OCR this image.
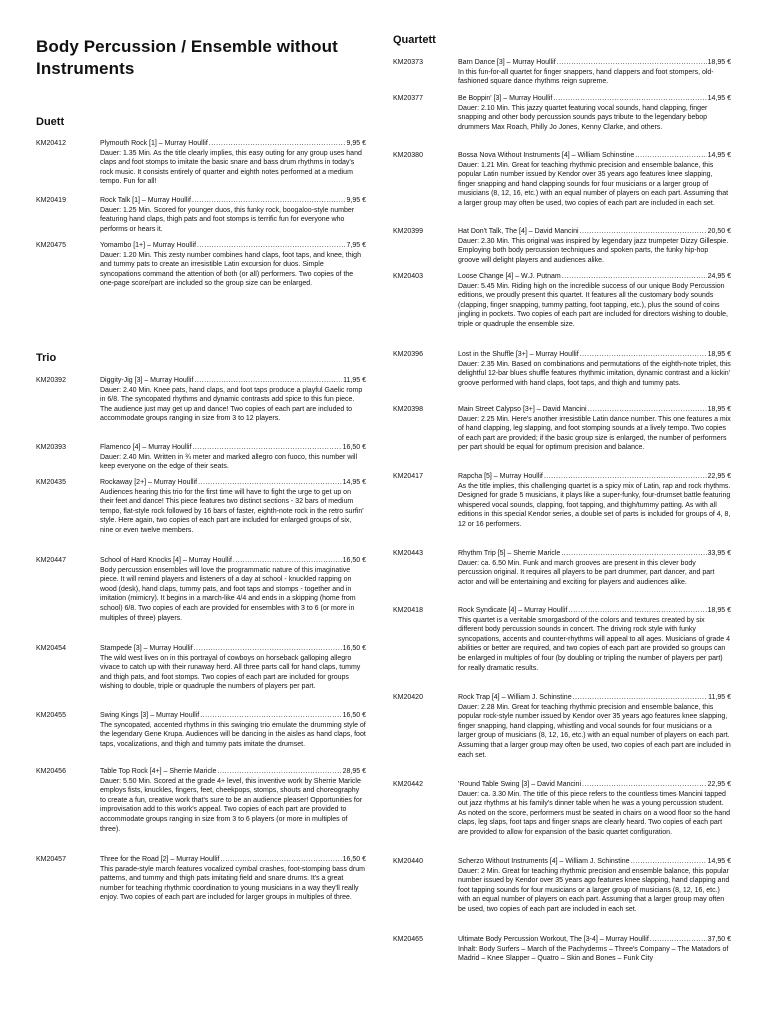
Body Percussion / Ensemble without Instruments
Duett
KM20412	Plymouth Rock [1] – Murray Houllif .....	9,95 €

Dauer: 1.35 Min. As the title clearly implies, this easy outing for any group uses hand claps and foot stomps to imitate the basic snare and bass drum rhythms in today's rock music. It consists entirely of quarter and eighth notes performed at a medium tempo. Fun for all!

KM20419	Rock Talk [1] – Murray Houllif .....	9,95 €

Dauer: 1.25 Min. Scored for younger duos, this funky rock, boogaloo-style number featuring hand claps, thigh pats and foot stomps is terrific fun for everyone who performs or hears it.

KM20475	Yomambo [1+] – Murray Houllif .....	7,95 €

Dauer: 1.20 Min. This zesty number combines hand claps, foot taps, and knee, thigh and tummy pats to create an irresistible Latin excursion for duos. Simple syncopations command the attention of both (or all) performers. Two copies of the one-page score/part are included so the group size can be enlarged.

Trio
KM20392	Diggity-Jig [3] – Murray Houllif .....	11,95 €

Dauer: 2.40 Min. Knee pats, hand claps, and foot taps produce a playful Gaelic romp in 6/8. The syncopated rhythms and dynamic contrasts add spice to this fun piece. The audience just may get up and dance! Two copies of each part are included to accommodate groups ranging in size from 3 to 12 players.

KM20393	Flamenco [4] – Murray Houllif .....	16,50 €

Dauer: 2.40 Min. Written in ¾ meter and marked allegro con fuoco, this number will keep everyone on the edge of their seats.

KM20435	Rockaway [2+] – Murray Houllif .....	14,95 €

Audiences hearing this trio for the first time will have to fight the urge to get up on their feet and dance! This piece features two distinct sections - 32 bars of medium tempo, flat-style rock followed by 16 bars of faster, eighth-note rock in the retro surfin' style. Here again, two copies of each part are included for enlarged groups of six, nine or even twelve members.

KM20447	School of Hard Knocks [4] – Murray Houllif .....	16,50 €

Body percussion ensembles will love the programmatic nature of this imaginative piece. It will remind players and listeners of a day at school - knuckled rapping on wood (desk), hand claps, tummy pats, and foot taps and stomps - together and in imitation (mimicry). It begins in a march-like 4/4 and ends in a skipping (home from school) 6/8. Two copies of each are provided for ensembles with 3 to 6 (or more in multiples of three) players.

KM20454	Stampede [3] – Murray Houllif .....	16,50 €

The wild west lives on in this portrayal of cowboys on horseback galloping allegro vivace to catch up with their runaway herd. All three parts call for hand claps, tummy and thigh pats, and foot stomps. Two copies of each part are included for groups wishing to double, triple or quadruple the numbers of players per part.

KM20455	Swing Kings [3] – Murray Houllif .....	16,50 €

The syncopated, accented rhythms in this swinging trio emulate the drumming style of the legendary Gene Krupa. Audiences will be dancing in the aisles as hand claps, foot taps, vocalizations, and thigh and tummy pats imitate the drumset.

KM20456	Table Top Rock [4+] – Sherrie Maricle .....	28,95 €

Dauer: 5.50 Min. Scored at the grade 4+ level, this inventive work by Sherrie Maricle employs fists, knuckles, fingers, feet, cheekpops, stomps, shouts and choreography to create a fun, creative work that's sure to be an audience pleaser! Opportunities for improvisation add to this work's appeal. Two copies of each part are provided to accommodate groups ranging in size from 3 to 6 players (or more in multiples of three).

KM20457	Three for the Road [2] – Murray Houllif .....	16,50 €

This parade-style march features vocalized cymbal crashes, foot-stomping bass drum patterns, and tummy and thigh pats imitating field and snare drums. It's a great number for teaching rhythmic coordination to young musicians in a way they'll really enjoy. Two copies of each part are included for larger groups in multiples of three.

Quartett
KM20373	Barn Dance [3] – Murray Houllif .....	18,95 €

In this fun-for-all quartet for finger snappers, hand clappers and foot stompers, old-fashioned square dance rhythms reign supreme.

KM20377	Be Boppin' [3] – Murray Houllif .....	14,95 €

Dauer: 2.10 Min. This jazzy quartet featuring vocal sounds, hand clapping, finger snapping and other body percussion sounds pays tribute to the legendary bebop drummers Max Roach, Philly Jo Jones, Kenny Clarke, and others.

KM20380	Bossa Nova Without Instruments [4] – William Schinstine .....	14,95 €

Dauer: 1.21 Min. Great for teaching rhythmic precision and ensemble balance, this popular Latin number issued by Kendor over 35 years ago features knee slapping, finger snapping and hand clapping sounds for four musicians or a larger group of musicians (8, 12, 16, etc.) with an equal number of players on each part. Assuming that a larger group may often be used, two copies of each part are included in each set.

KM20399	Hat Don't Talk, The [4] – David Mancini .....	20,50 €

Dauer: 2.30 Min. This original was inspired by legendary jazz trumpeter Dizzy Gillespie. Employing both body percussion techniques and spoken parts, the funky hip-hop groove will delight players and audiences alike.

KM20403	Loose Change [4] – W.J. Putnam .....	24,95 €

Dauer: 5.45 Min. Riding high on the incredible success of our unique Body Percussion editions, we proudly present this quartet. It features all the customary body sounds (clapping, finger snapping, tummy patting, foot tapping, etc.), plus the sound of coins jingling in pockets. Two copies of each part are included for directors wishing to double, triple or quadruple the ensemble size.

KM20396	Lost in the Shuffle [3+] – Murray Houllif .....	18,95 €

Dauer: 2.35 Min. Based on combinations and permutations of the eighth-note triplet, this delightful 12-bar blues shuffle features rhythmic imitation, dynamic contrast and a kickin' groove performed with hand claps, foot taps, and thigh and tummy pats.

KM20398	Main Street Calypso [3+] – David Mancini .....	18,95 €

Dauer: 2.25 Min. Here's another irresistible Latin dance number. This one features a mix of hand clapping, leg slapping, and foot stomping sounds at a lively tempo. Two copies of each part are provided; if the basic group size is enlarged, the number of performers per part should be equal for optimum precision and balance.

KM20417	Rapcha [5] – Murray Houllif .....	22,95 €

As the title implies, this challenging quartet is a spicy mix of Latin, rap and rock rhythms. Designed for grade 5 musicians, it plays like a super-funky, four-drumset battle featuring whispered vocal sounds, clapping, foot tapping, and thigh/tummy patting. As with all editions in this special Kendor series, a double set of parts is included for groups of 4, 8, 12 or 16 performers.

KM20443	Rhythm Trip [5] – Sherrie Maricle .....	33,95 €

Dauer: ca. 6.50 Min. Funk and march grooves are present in this clever body percussion original. It requires all players to be part drummer, part dancer, and part actor and will be entertaining and exciting for players and audiences alike.

KM20418	Rock Syndicate [4] – Murray Houllif .....	18,95 €

This quartet is a veritable smorgasbord of the colors and textures created by six different body percussion sounds in concert. The driving rock style with funky syncopations, accents and counter-rhythms will appeal to all ages. Musicians of grade 4 abilities or better are required, and two copies of each part are provided so groups can be enlarged in multiples of four (by doubling or tripling the number of players per part) for really dramatic results.

KM20420	Rock Trap [4] – William J. Schinstine .....	11,95 €

Dauer: 2.28 Min. Great for teaching rhythmic precision and ensemble balance, this popular rock-style number issued by Kendor over 35 years ago features knee slapping, finger snapping, hand clapping, whistling and vocal sounds for four musicians or a larger group of musicians (8, 12, 16, etc.) with an equal number of players on each part. Assuming that a larger group may often be used, two copies of each part are included in each set.

KM20442	'Round Table Swing [3] – David Mancini .....	22,95 €

Dauer: ca. 3.30 Min. The title of this piece refers to the countless times Mancini tapped out jazz rhythms at his family's dinner table when he was a young percussion student. As noted on the score, performers must be seated in chairs on a wood floor so the hand claps, leg slaps, foot taps and finger snaps are clearly heard. Two copies of each part are provided to allow for expansion of the basic quartet configuration.

KM20440	Scherzo Without Instruments [4] – William J. Schinstine .....	14,95 €

Dauer: 2 Min. Great for teaching rhythmic precision and ensemble balance, this popular number issued by Kendor over 35 years ago features knee slapping, hand clapping and foot tapping sounds for four musicians or a larger group of musicians (8, 12, 16, etc.) with an equal number of players on each part. Assuming that a larger group may often be used, two copies of each part are included in each set.

KM20465	Ultimate Body Percussion Workout, The [3-4] – Murray Houllif .....	37,50 €

Inhalt: Body Surfers – March of the Pachyderms – Three's Company – The Matadors of Madrid – Knee Slapper – Quatro – Skin and Bones – Funk City
